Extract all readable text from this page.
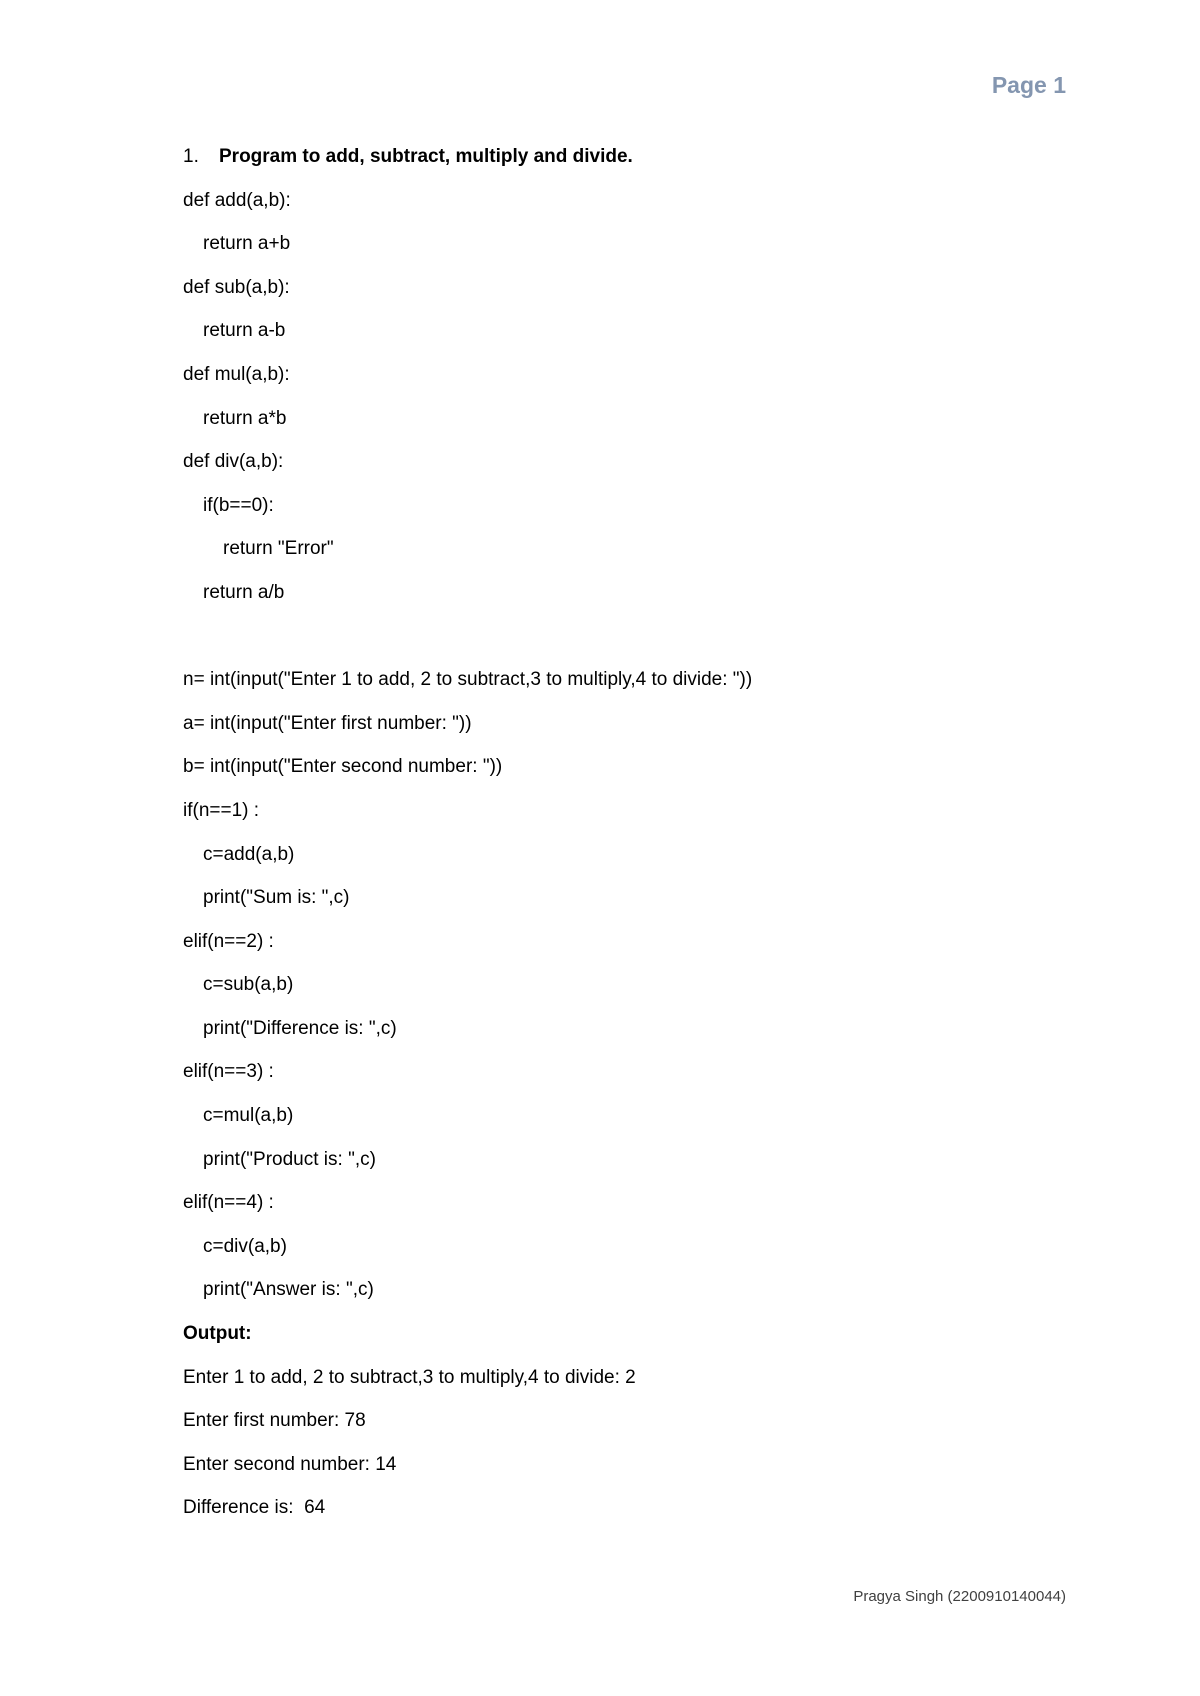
Page 1
1.	Program to add, subtract, multiply and divide.
def add(a,b):
return a+b
def sub(a,b):
return a-b
def mul(a,b):
return a*b
def div(a,b):
if(b==0):
return "Error"
return a/b
n= int(input("Enter 1 to add, 2 to subtract,3 to multiply,4 to divide: "))
a= int(input("Enter first number: "))
b= int(input("Enter second number: "))
if(n==1) :
c=add(a,b)
print("Sum is: ",c)
elif(n==2) :
c=sub(a,b)
print("Difference is: ",c)
elif(n==3) :
c=mul(a,b)
print("Product is: ",c)
elif(n==4) :
c=div(a,b)
print("Answer is: ",c)
Output:
Enter 1 to add, 2 to subtract,3 to multiply,4 to divide: 2
Enter first number: 78
Enter second number: 14
Difference is:  64
Pragya Singh (2200910140044)
